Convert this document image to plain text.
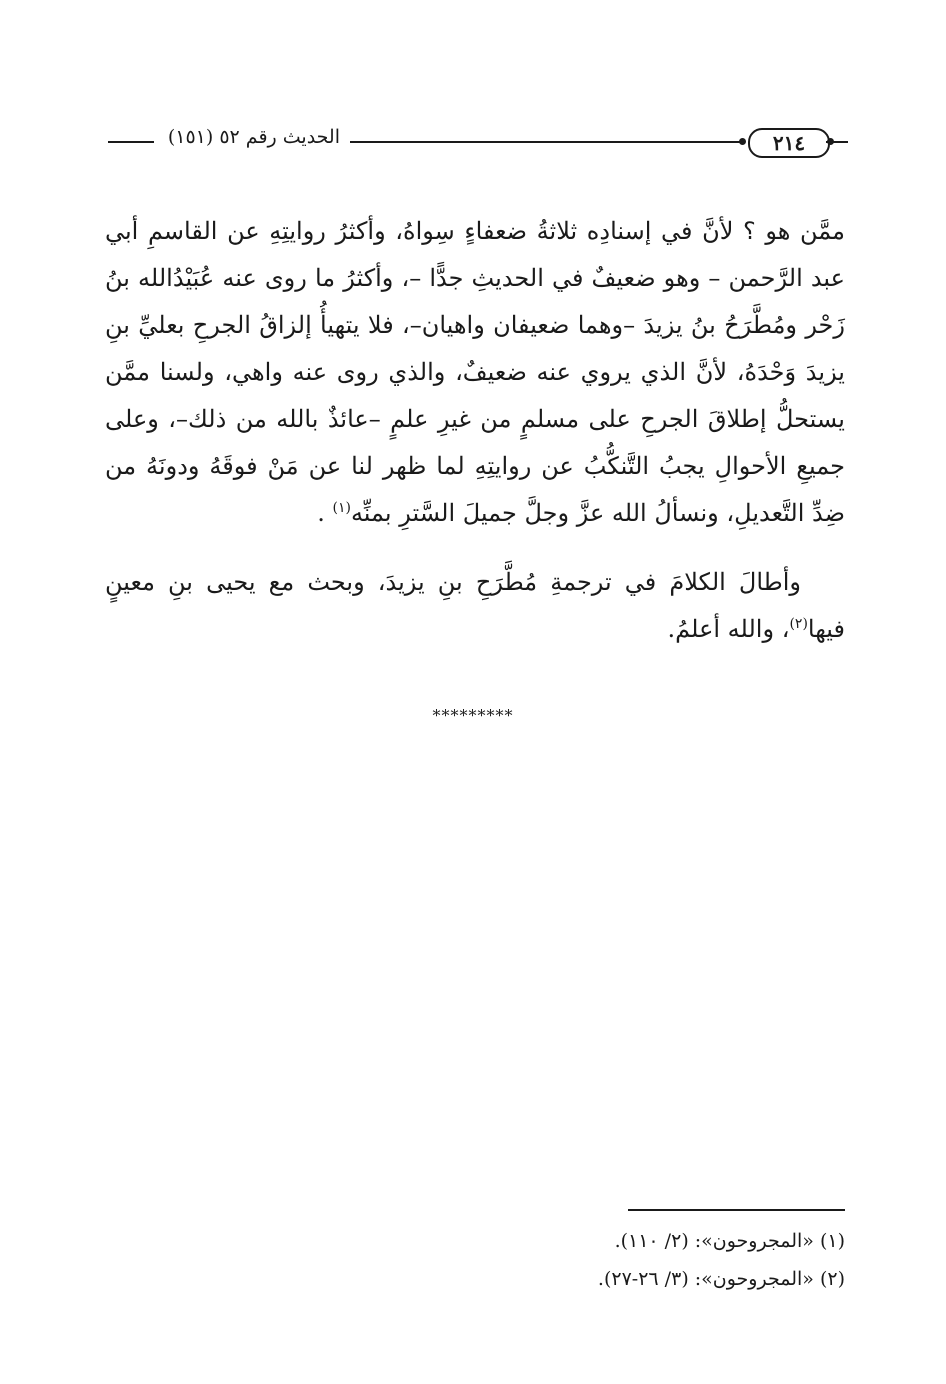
الحديث رقم ٥٢ (١٥١)	٢١٤

ممَّن هو ؟ لأنَّ في إسنادِه ثلاثةُ ضعفاءٍ سِواهُ، وأكثرُ روايتِهِ عن القاسمِ أبي عبد الرَّحمن – وهو ضعيفٌ في الحديثِ جدًّا –، وأكثرُ ما روى عنه عُبَيْدُالله بنُ زَحْر ومُطَّرَحُ بنُ يزيدَ –وهما ضعيفان واهيان–، فلا يتهيأُ إلزاقُ الجرحِ بعليِّ بنِ يزيدَ وَحْدَهُ، لأنَّ الذي يروي عنه ضعيفٌ، والذي روى عنه واهي، ولسنا ممَّن يستحلُّ إطلاقَ الجرحِ على مسلمٍ من غيرِ علمٍ –عائذٌ بالله من ذلك–، وعلى جميعِ الأحوالِ يجبُ التَّنكُّبُ عن روايتِهِ لما ظهر لنا عن مَنْ فوقَهُ ودونَهُ من ضِدِّ التَّعديلِ، ونسألُ الله عزَّ وجلَّ جميلَ السَّترِ بمنِّه$^{(١)}$ .

وأطالَ الكلامَ في ترجمةِ مُطَّرَحِ بنِ يزيدَ، وبحث مع يحيى بنِ معينٍ فيها$^{(٢)}$، والله أعلمُ.

*********
(١) «المجروحون»: (٢/ ١١٠).
(٢) «المجروحون»: (٣/ ٢٦-٢٧).
